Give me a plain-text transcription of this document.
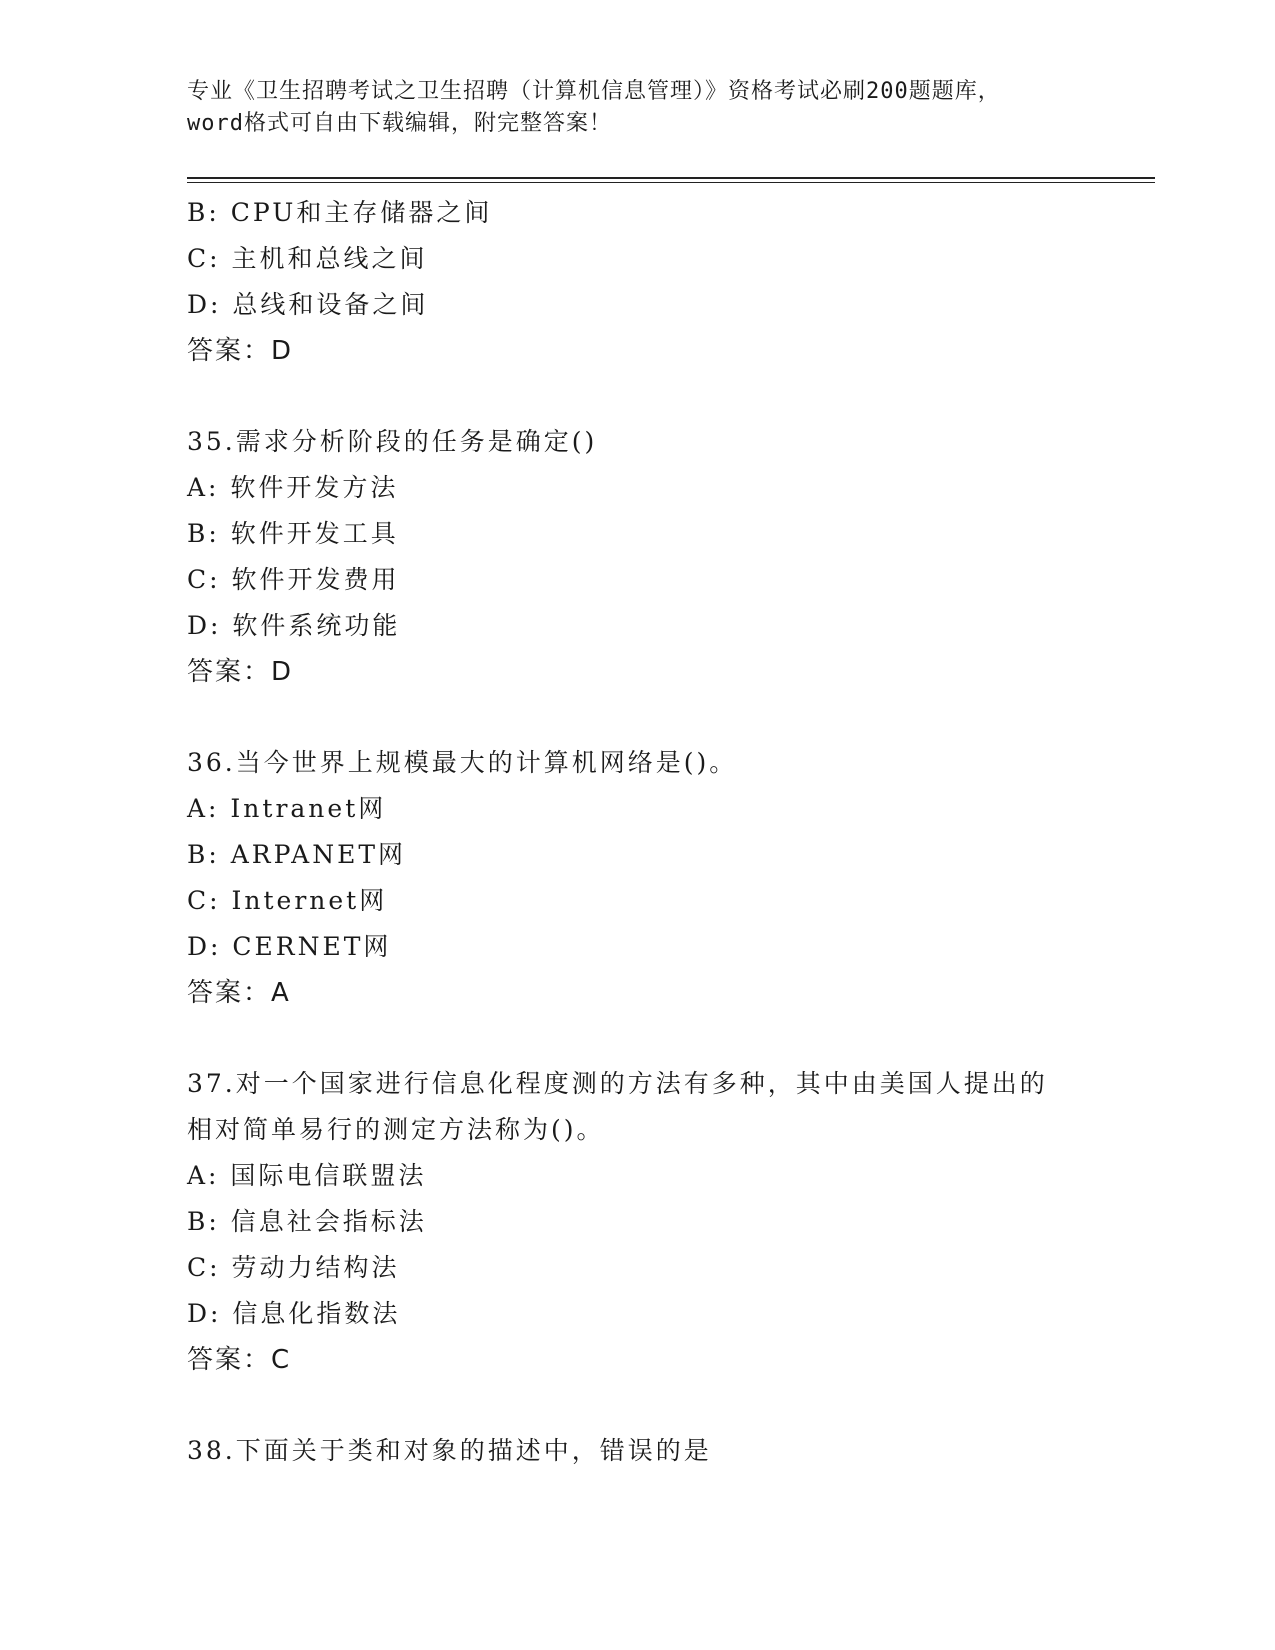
专业《卫生招聘考试之卫生招聘（计算机信息管理）》资格考试必刷200题题库，
word格式可自由下载编辑，附完整答案！
B: CPU和主存储器之间
C: 主机和总线之间
D: 总线和设备之间
答案：D
35.需求分析阶段的任务是确定()
A: 软件开发方法
B: 软件开发工具
C: 软件开发费用
D: 软件系统功能
答案：D
36.当今世界上规模最大的计算机网络是()。
A: Intranet网
B: ARPANET网
C: Internet网
D: CERNET网
答案：A
37.对一个国家进行信息化程度测的方法有多种，其中由美国人提出的
相对简单易行的测定方法称为()。
A: 国际电信联盟法
B: 信息社会指标法
C: 劳动力结构法
D: 信息化指数法
答案：C
38.下面关于类和对象的描述中，错误的是
